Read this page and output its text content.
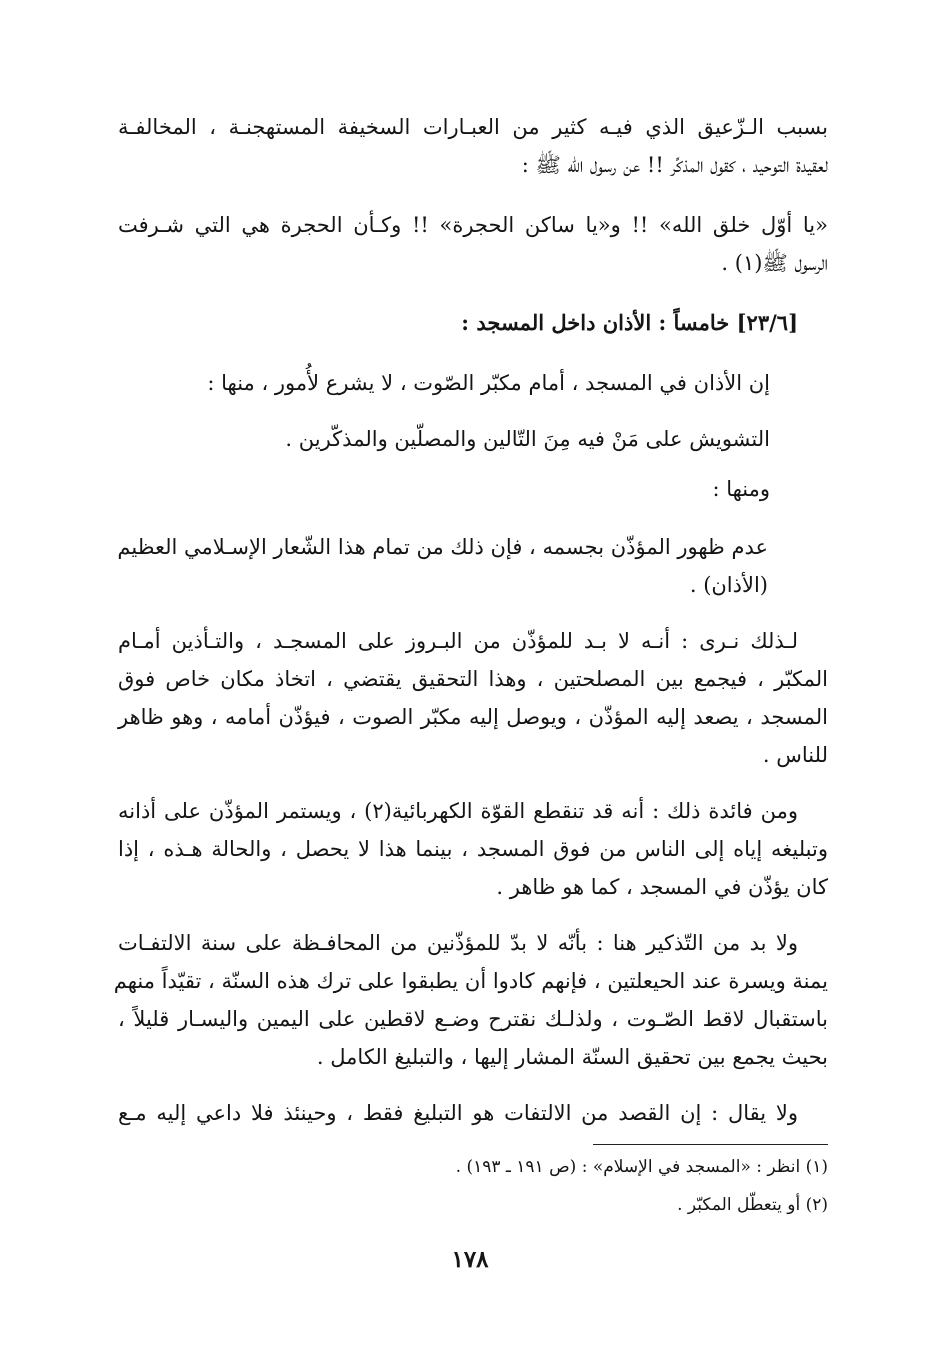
بسبب الـزّعيق الذي فيـه كثير من العبـارات السخيفة المستهجنـة ، المخالفـة
لعقيدة التوحيد ، كقول المذكِّر !! عن رسول الله ﷺ :
«يا أوّل خلق الله» !! و«يا ساكن الحجرة» !! وكـأن الحجرة هي التي شـرفت
الرسول ﷺ(١) .
[٢٣/٦] خامساً : الأذان داخل المسجد :
إن الأذان في المسجد ، أمام مكبّر الصّوت ، لا يشرع لأُمور ، منها :
التشويش على مَنْ فيه مِنَ التّالين والمصلّين والمذكّرين .
ومنها :
عدم ظهور المؤذّن بجسمه ، فإن ذلك من تمام هذا الشّعار الإسـلامي العظيم
(الأذان) .
لـذلك نـرى : أنـه لا بـد للمؤذّن من البـروز على المسجـد ، والتـأذين أمـام
المكبّر ، فيجمع بين المصلحتين ، وهذا التحقيق يقتضي ، اتخاذ مكان خاص فوق
المسجد ، يصعد إليه المؤذّن ، ويوصل إليه مكبّر الصوت ، فيؤذّن أمامه ، وهو ظاهر
للناس .
ومن فائدة ذلك : أنه قد تنقطع القوّة الكهربائية(٢) ، ويستمر المؤذّن على أذانه
وتبليغه إياه إلى الناس من فوق المسجد ، بينما هذا لا يحصل ، والحالة هـذه ، إذا
كان يؤذّن في المسجد ، كما هو ظاهر .
ولا بد من التّذكير هنا : بأنّه لا بدّ للمؤذّنين من المحافـظة على سنة الالتفـات
يمنة ويسرة عند الحيعلتين ، فإنهم كادوا أن يطبقوا على ترك هذه السنّة ، تقيّداً منهم
باستقبال لاقط الصّـوت ، ولذلـك نقترح وضـع لاقطين على اليمين واليسـار قليلاً ،
بحيث يجمع بين تحقيق السنّة المشار إليها ، والتبليغ الكامل .
ولا يقال : إن القصد من الالتفات هو التبليغ فقط ، وحينئذ فلا داعي إليه مـع
(١) انظر : «المسجد في الإسلام» : (ص ١٩١ ـ ١٩٣) .
(٢) أو يتعطّل المكبّر .
١٧٨
